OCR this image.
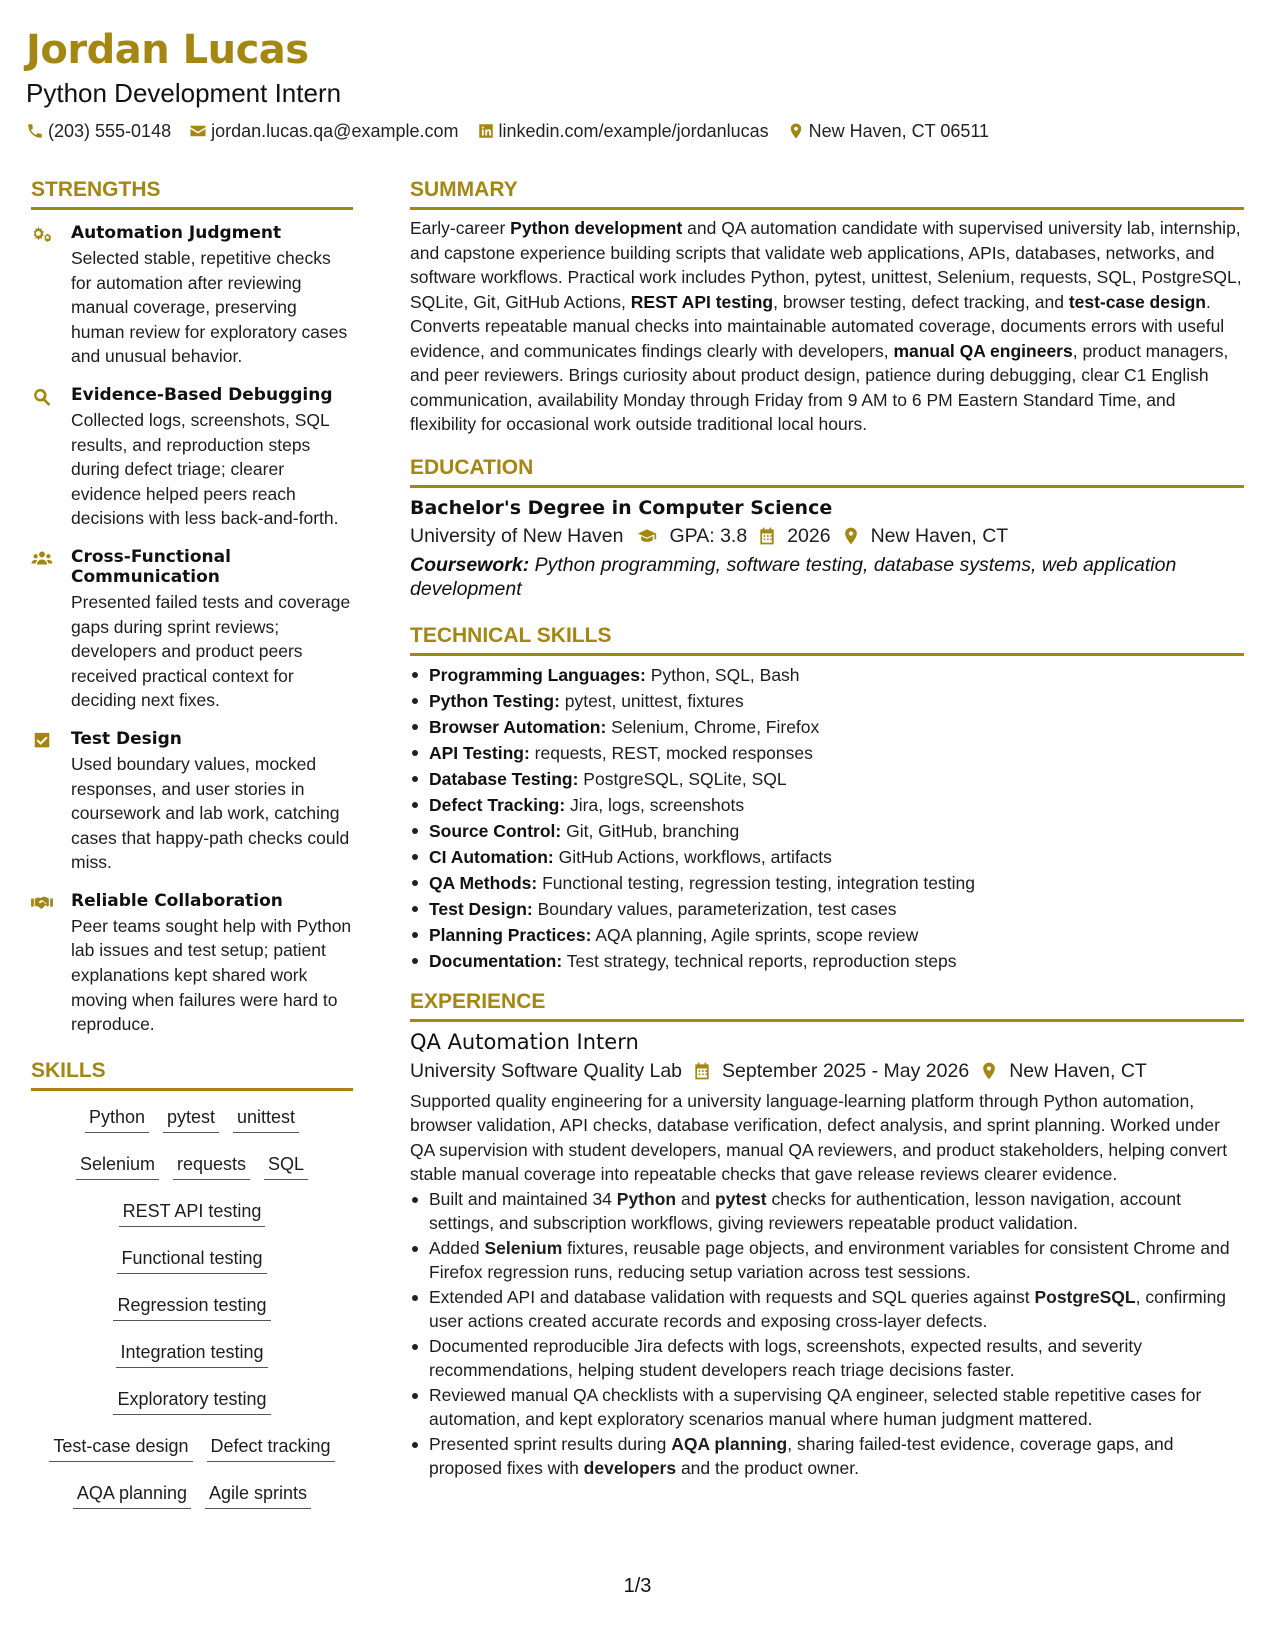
Jordan Lucas
Python Development Intern
(203) 555-0148 jordan.lucas.qa@example.com linkedin.com/example/jordanlucas New Haven, CT 06511
STRENGTHS
Automation Judgment
Selected stable, repetitive checks for automation after reviewing manual coverage, preserving human review for exploratory cases and unusual behavior.
Evidence-Based Debugging
Collected logs, screenshots, SQL results, and reproduction steps during defect triage; clearer evidence helped peers reach decisions with less back-and-forth.
Cross-Functional Communication
Presented failed tests and coverage gaps during sprint reviews; developers and product peers received practical context for deciding next fixes.
Test Design
Used boundary values, mocked responses, and user stories in coursework and lab work, catching cases that happy-path checks could miss.
Reliable Collaboration
Peer teams sought help with Python lab issues and test setup; patient explanations kept shared work moving when failures were hard to reproduce.
SKILLS
Python pytest unittest
Selenium requests SQL
REST API testing
Functional testing
Regression testing
Integration testing
Exploratory testing
Test-case design Defect tracking
AQA planning Agile sprints
SUMMARY
Early-career Python development and QA automation candidate with supervised university lab, internship, and capstone experience building scripts that validate web applications, APIs, databases, networks, and software workflows. Practical work includes Python, pytest, unittest, Selenium, requests, SQL, PostgreSQL, SQLite, Git, GitHub Actions, REST API testing, browser testing, defect tracking, and test-case design. Converts repeatable manual checks into maintainable automated coverage, documents errors with useful evidence, and communicates findings clearly with developers, manual QA engineers, product managers, and peer reviewers. Brings curiosity about product design, patience during debugging, clear C1 English communication, availability Monday through Friday from 9 AM to 6 PM Eastern Standard Time, and flexibility for occasional work outside traditional local hours.
EDUCATION
Bachelor's Degree in Computer Science
University of New Haven GPA: 3.8 2026 New Haven, CT
Coursework: Python programming, software testing, database systems, web application development
TECHNICAL SKILLS
Programming Languages: Python, SQL, Bash
Python Testing: pytest, unittest, fixtures
Browser Automation: Selenium, Chrome, Firefox
API Testing: requests, REST, mocked responses
Database Testing: PostgreSQL, SQLite, SQL
Defect Tracking: Jira, logs, screenshots
Source Control: Git, GitHub, branching
CI Automation: GitHub Actions, workflows, artifacts
QA Methods: Functional testing, regression testing, integration testing
Test Design: Boundary values, parameterization, test cases
Planning Practices: AQA planning, Agile sprints, scope review
Documentation: Test strategy, technical reports, reproduction steps
EXPERIENCE
QA Automation Intern
University Software Quality Lab September 2025 - May 2026 New Haven, CT
Supported quality engineering for a university language-learning platform through Python automation, browser validation, API checks, database verification, defect analysis, and sprint planning. Worked under QA supervision with student developers, manual QA reviewers, and product stakeholders, helping convert stable manual coverage into repeatable checks that gave release reviews clearer evidence.
Built and maintained 34 Python and pytest checks for authentication, lesson navigation, account settings, and subscription workflows, giving reviewers repeatable product validation.
Added Selenium fixtures, reusable page objects, and environment variables for consistent Chrome and Firefox regression runs, reducing setup variation across test sessions.
Extended API and database validation with requests and SQL queries against PostgreSQL, confirming user actions created accurate records and exposing cross-layer defects.
Documented reproducible Jira defects with logs, screenshots, expected results, and severity recommendations, helping student developers reach triage decisions faster.
Reviewed manual QA checklists with a supervising QA engineer, selected stable repetitive cases for automation, and kept exploratory scenarios manual where human judgment mattered.
Presented sprint results during AQA planning, sharing failed-test evidence, coverage gaps, and proposed fixes with developers and the product owner.
1/3
